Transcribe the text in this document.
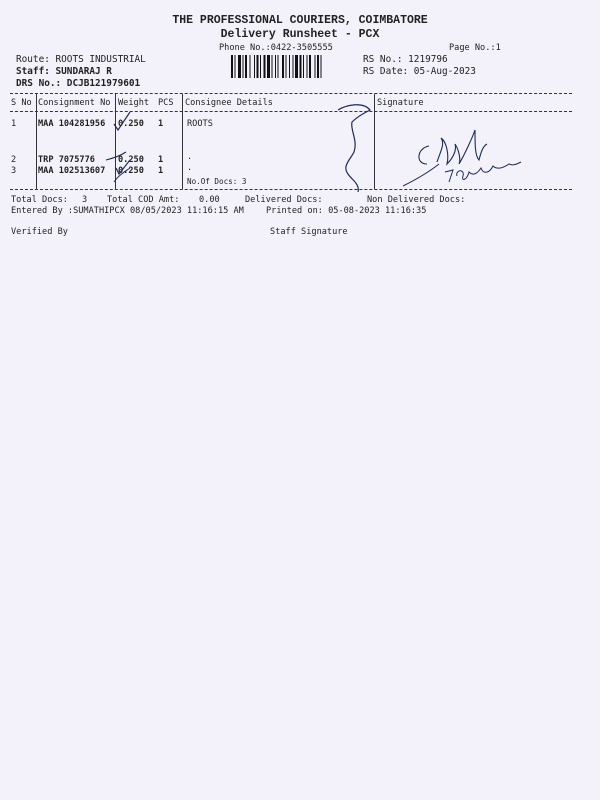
THE PROFESSIONAL COURIERS, COIMBATORE
Delivery Runsheet - PCX
Phone No.:0422-3505555	Page No.:1
Route: ROOTS INDUSTRIAL
Staff: SUNDARAJ R
DRS No.: DCJB121979601
RS No.: 1219796
RS Date: 05-Aug-2023
S No Consignment No Weight PCS Consignee Details	Signature
1	MAA 104281956 0.250 1	ROOTS
2	TRP 7075776	0.250 1	.
3	MAA 102513607 0.250 1	.
No.Of Docs: 3
Total Docs: 3 Total COD Amt: 0.00	Delivered Docs:	Non Delivered Docs:
Entered By :SUMATHIPCX 08/05/2023 11:16:15 AM	Printed on: 05-08-2023 11:16:35
Verified By	Staff Signature
